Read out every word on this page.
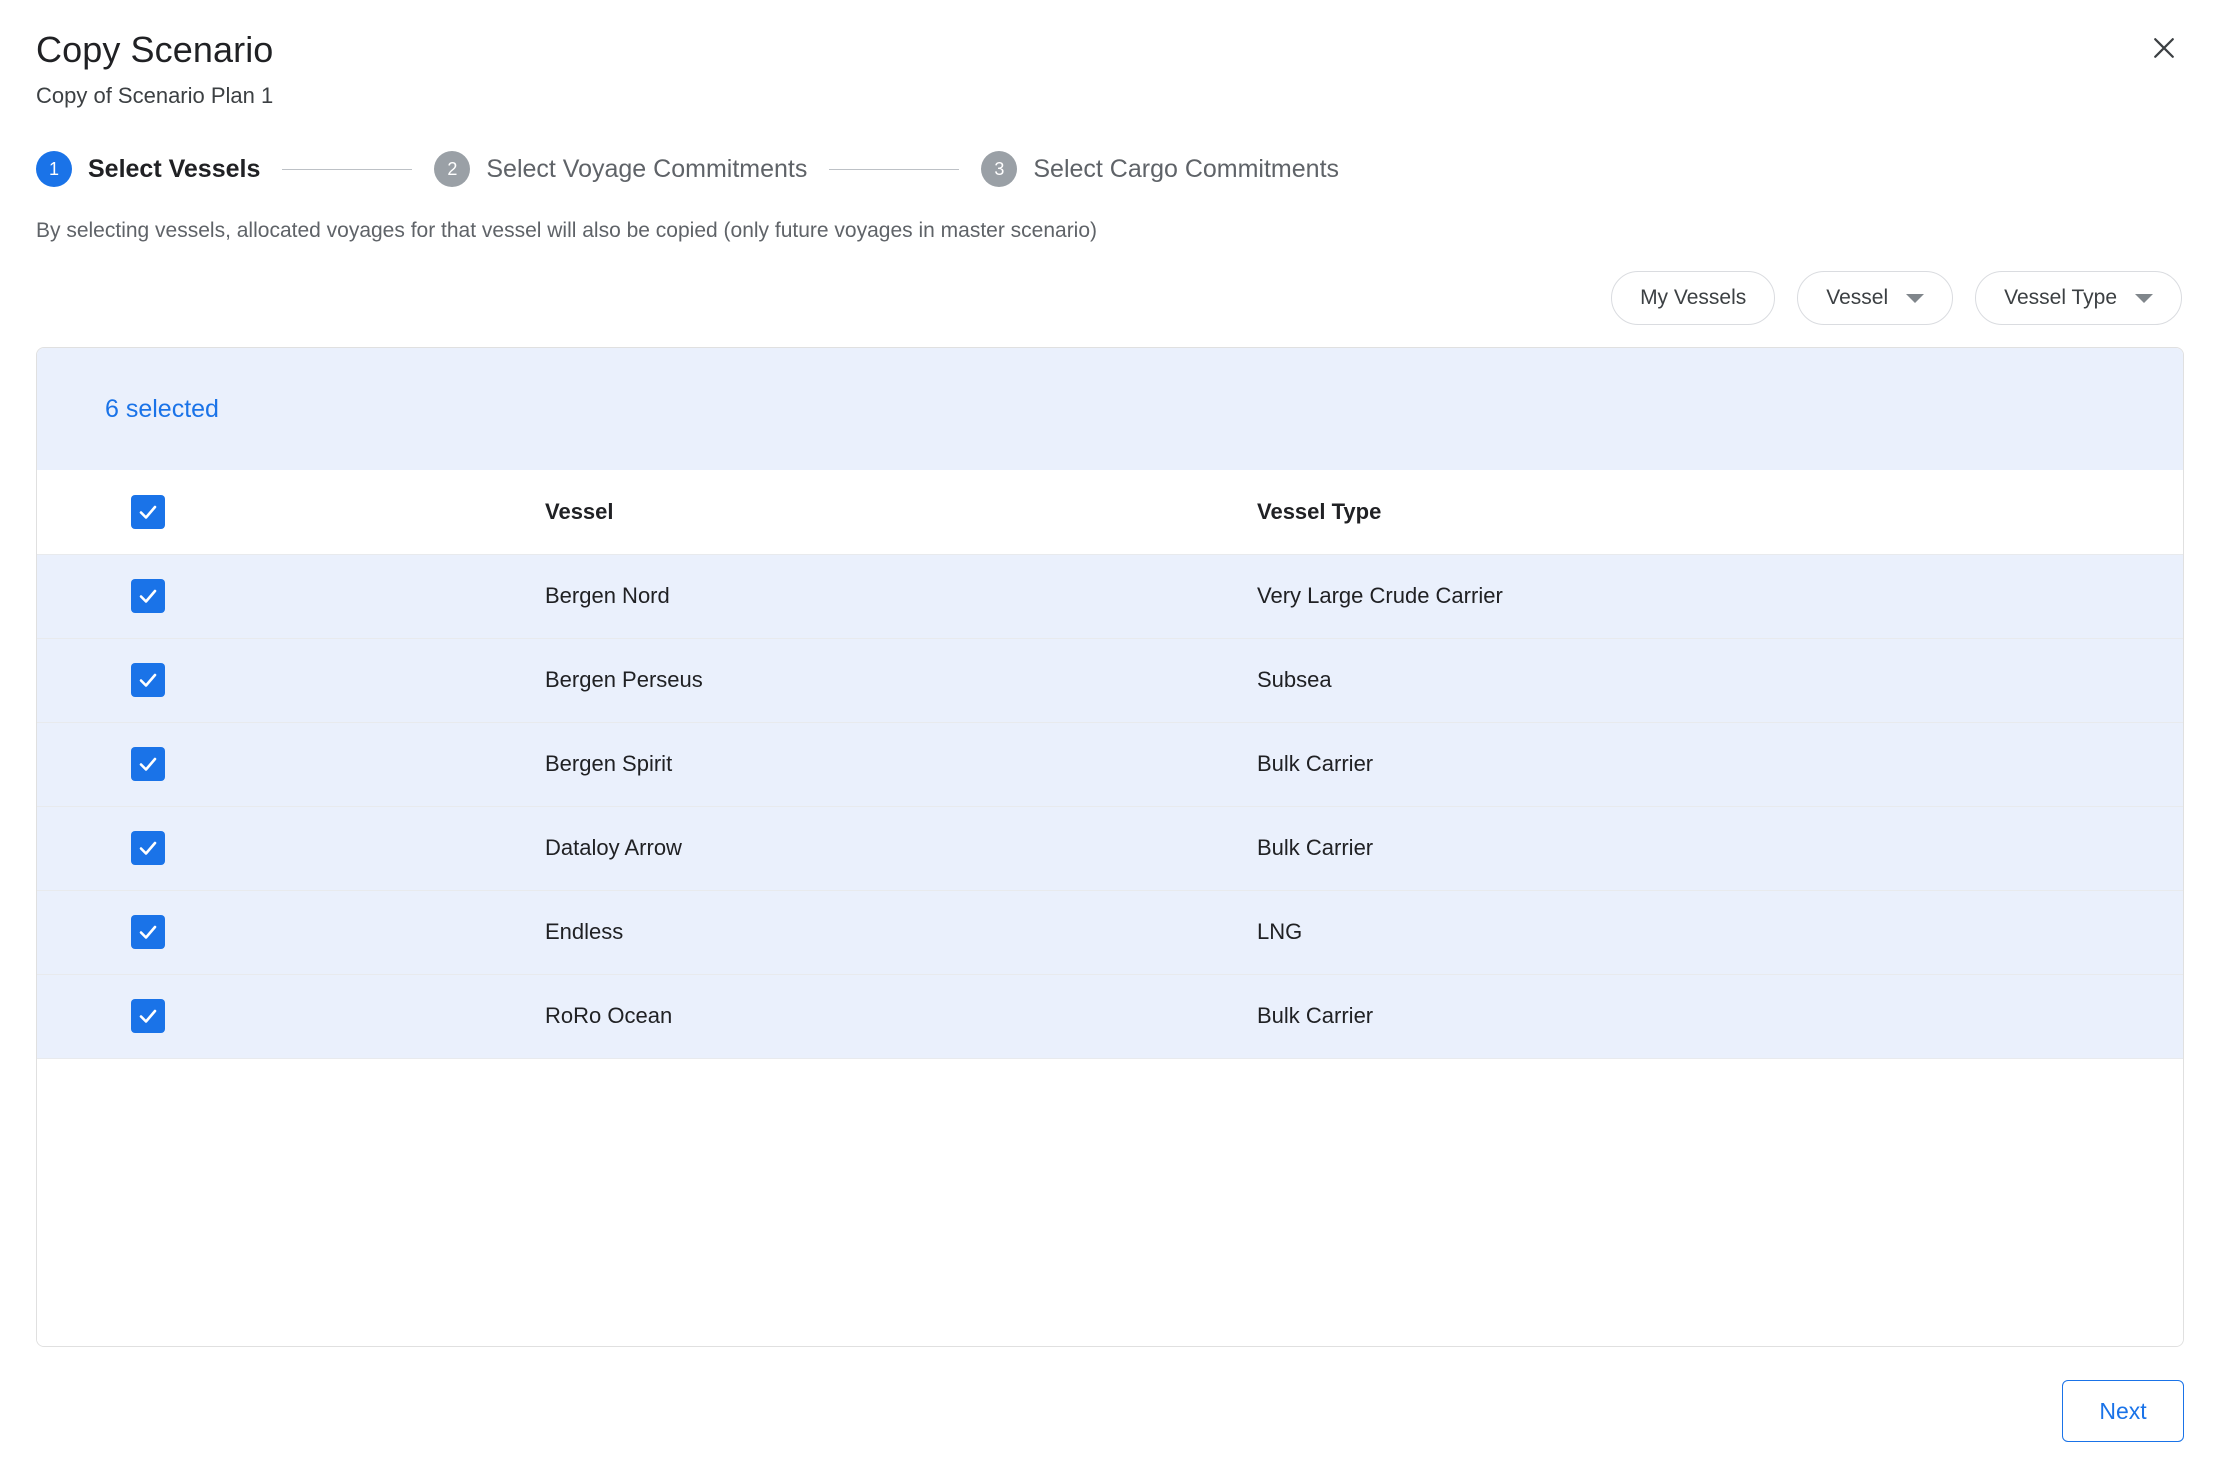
Copy Scenario
Copy of Scenario Plan 1
1	Select Vessels	2	Select Voyage Commitments	3	Select Cargo Commitments
By selecting vessels, allocated voyages for that vessel will also be copied (only future voyages in master scenario)
My Vessels	Vessel	Vessel Type
6 selected
	Vessel	Vessel Type

	Bergen Nord	Very Large Crude Carrier

	Bergen Perseus	Subsea

	Bergen Spirit	Bulk Carrier

	Dataloy Arrow	Bulk Carrier

	Endless	LNG

	RoRo Ocean	Bulk Carrier
Next
